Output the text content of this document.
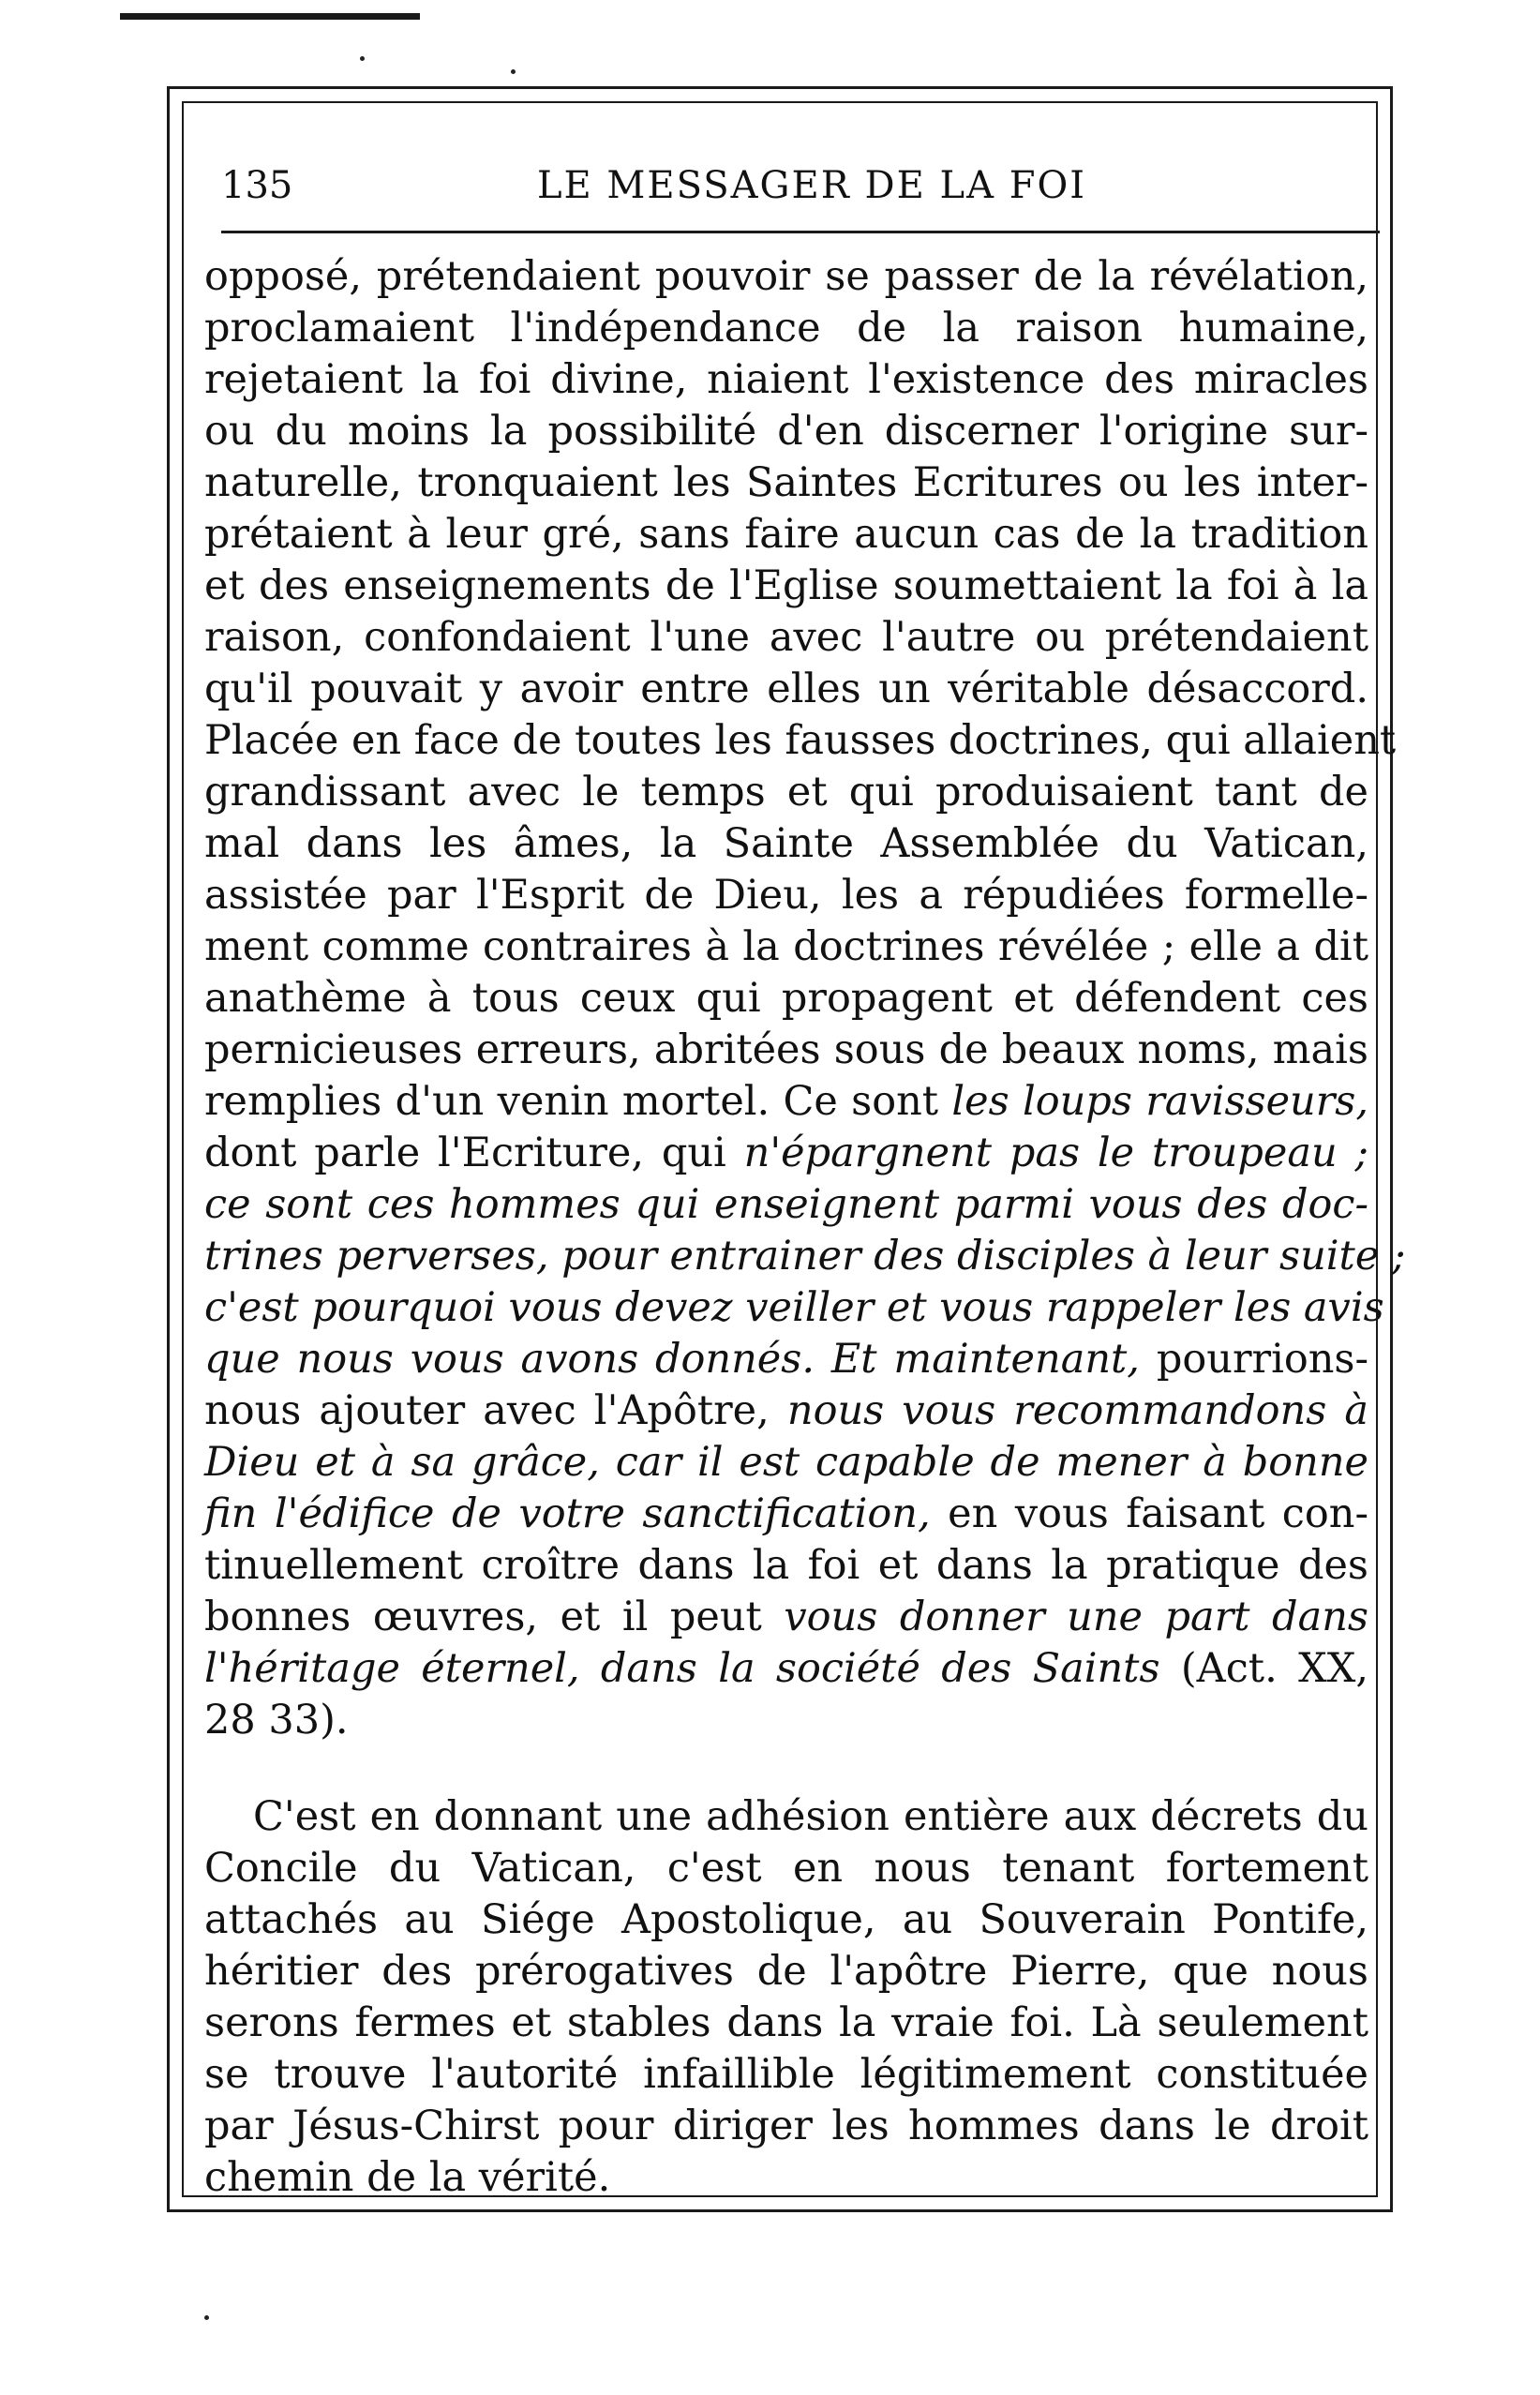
135	LE MESSAGER DE LA FOI
opposé, prétendaient pouvoir se passer de la révélation,
proclamaient l'indépendance de la raison humaine,
rejetaient la foi divine, niaient l'existence des miracles
ou du moins la possibilité d'en discerner l'origine sur-
naturelle, tronquaient les Saintes Ecritures ou les inter-
prétaient à leur gré, sans faire aucun cas de la tradition
et des enseignements de l'Eglise soumettaient la foi à la
raison, confondaient l'une avec l'autre ou prétendaient
qu'il pouvait y avoir entre elles un véritable désaccord.
Placée en face de toutes les fausses doctrines, qui allaient
grandissant avec le temps et qui produisaient tant de
mal dans les âmes, la Sainte Assemblée du Vatican,
assistée par l'Esprit de Dieu, les a répudiées formelle-
ment comme contraires à la doctrines révélée ; elle a dit
anathème à tous ceux qui propagent et défendent ces
pernicieuses erreurs, abritées sous de beaux noms, mais
remplies d'un venin mortel. Ce sont les loups ravisseurs,
dont parle l'Ecriture, qui n'épargnent pas le troupeau ;
ce sont ces hommes qui enseignent parmi vous des doc-
trines perverses, pour entrainer des disciples à leur suite ;
c'est pourquoi vous devez veiller et vous rappeler les avis
que nous vous avons donnés. Et maintenant, pourrions-
nous ajouter avec l'Apôtre, nous vous recommandons à
Dieu et à sa grâce, car il est capable de mener à bonne
fin l'édifice de votre sanctification, en vous faisant con-
tinuellement croître dans la foi et dans la pratique des
bonnes œuvres, et il peut vous donner une part dans
l'héritage éternel, dans la société des Saints (Act. XX,
28 33).
C'est en donnant une adhésion entière aux décrets du
Concile du Vatican, c'est en nous tenant fortement
attachés au Siége Apostolique, au Souverain Pontife,
héritier des prérogatives de l'apôtre Pierre, que nous
serons fermes et stables dans la vraie foi. Là seulement
se trouve l'autorité infaillible légitimement constituée
par Jésus-Chirst pour diriger les hommes dans le droit
chemin de la vérité.
